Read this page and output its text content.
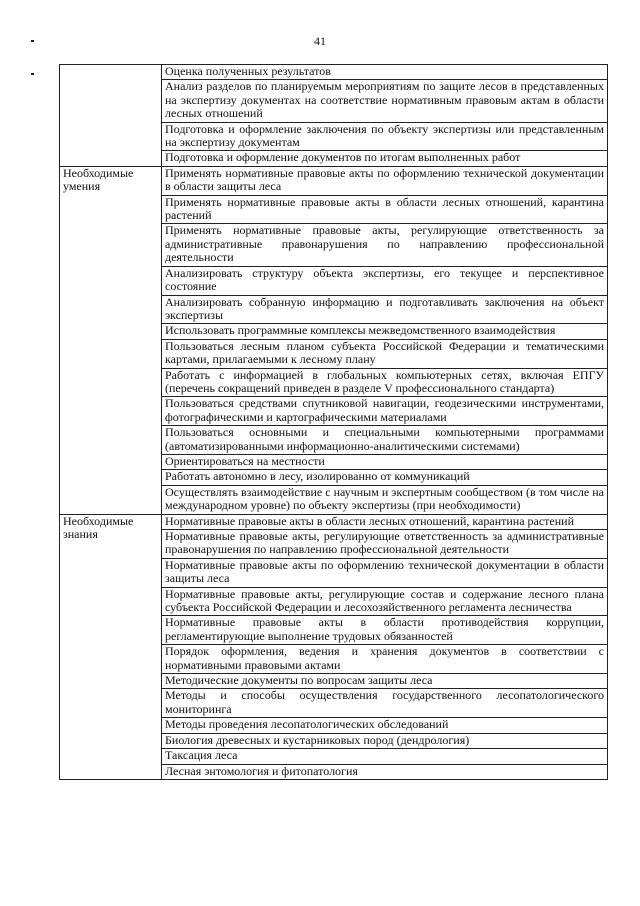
41
	Оценка полученных результатов
	Анализ разделов по планируемым мероприятиям по защите лесов в представленных на экспертизу документах на соответствие нормативным правовым актам в области лесных отношений
	Подготовка и оформление заключения по объекту экспертизы или представленным на экспертизу документам
	Подготовка и оформление документов по итогам выполненных работ
Необходимые умения	Применять нормативные правовые акты по оформлению технической документации в области защиты леса
	Применять нормативные правовые акты в области лесных отношений, карантина растений
	Применять нормативные правовые акты, регулирующие ответственность за административные правонарушения по направлению профессиональной деятельности
	Анализировать структуру объекта экспертизы, его текущее и перспективное состояние
	Анализировать собранную информацию и подготавливать заключения на объект экспертизы
	Использовать программные комплексы межведомственного взаимодействия
	Пользоваться лесным планом субъекта Российской Федерации и тематическими картами, прилагаемыми к лесному плану
	Работать с информацией в глобальных компьютерных сетях, включая ЕПГУ (перечень сокращений приведен в разделе V профессионального стандарта)
	Пользоваться средствами спутниковой навигации, геодезическими инструментами, фотографическими и картографическими материалами
	Пользоваться основными и специальными компьютерными программами (автоматизированными информационно-аналитическими системами)
	Ориентироваться на местности
	Работать автономно в лесу, изолированно от коммуникаций
	Осуществлять взаимодействие с научным и экспертным сообществом (в том числе на международном уровне) по объекту экспертизы (при необходимости)
Необходимые знания	Нормативные правовые акты в области лесных отношений, карантина растений
	Нормативные правовые акты, регулирующие ответственность за административные правонарушения по направлению профессиональной деятельности
	Нормативные правовые акты по оформлению технической документации в области защиты леса
	Нормативные правовые акты, регулирующие состав и содержание лесного плана субъекта Российской Федерации и лесохозяйственного регламента лесничества
	Нормативные правовые акты в области противодействия коррупции, регламентирующие выполнение трудовых обязанностей
	Порядок оформления, ведения и хранения документов в соответствии с нормативными правовыми актами
	Методические документы по вопросам защиты леса
	Методы и способы осуществления государственного лесопатологического мониторинга
	Методы проведения лесопатологических обследований
	Биология древесных и кустарниковых пород (дендрология)
	Таксация леса
	Лесная энтомология и фитопатология
